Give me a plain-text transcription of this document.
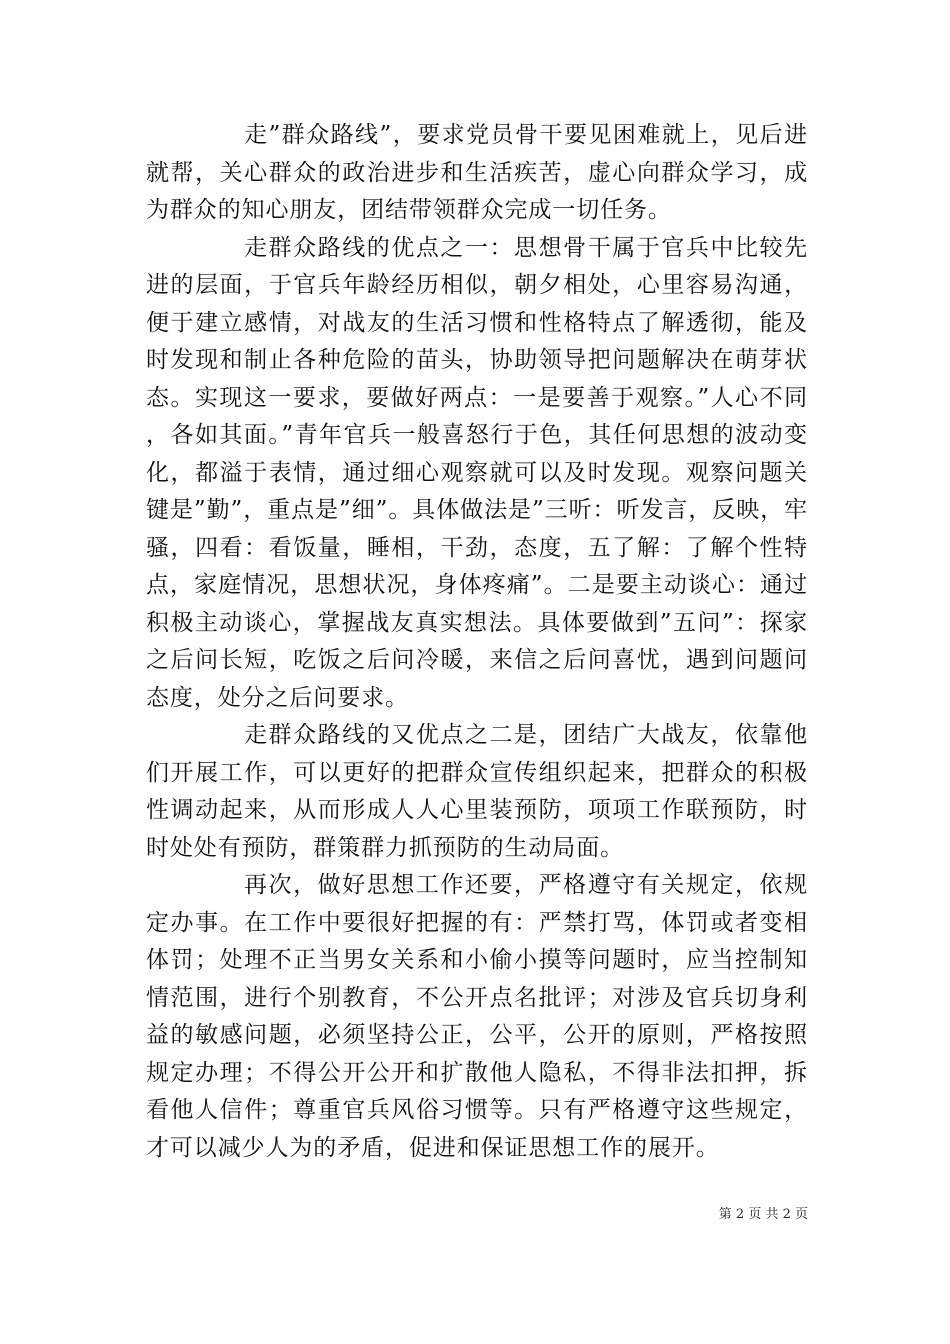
走”群众路线”，要求党员骨干要见困难就上，见后进就帮，关心群众的政治进步和生活疾苦，虚心向群众学习，成为群众的知心朋友，团结带领群众完成一切任务。

走群众路线的优点之一：思想骨干属于官兵中比较先进的层面，于官兵年龄经历相似，朝夕相处，心里容易沟通，便于建立感情，对战友的生活习惯和性格特点了解透彻，能及时发现和制止各种危险的苗头，协助领导把问题解决在萌芽状态。实现这一要求，要做好两点：一是要善于观察。”人心不同，各如其面。”青年官兵一般喜怒行于色，其任何思想的波动变化，都溢于表情，通过细心观察就可以及时发现。观察问题关键是”勤”，重点是”细”。具体做法是”三听：听发言，反映，牢骚，四看：看饭量，睡相，干劲，态度，五了解：了解个性特点，家庭情况，思想状况，身体疼痛”。二是要主动谈心：通过积极主动谈心，掌握战友真实想法。具体要做到”五问”：探家之后问长短，吃饭之后问冷暖，来信之后问喜忧，遇到问题问态度，处分之后问要求。

走群众路线的又优点之二是，团结广大战友，依靠他们开展工作，可以更好的把群众宣传组织起来，把群众的积极性调动起来，从而形成人人心里装预防，项项工作联预防，时时处处有预防，群策群力抓预防的生动局面。

再次，做好思想工作还要，严格遵守有关规定，依规定办事。在工作中要很好把握的有：严禁打骂，体罚或者变相体罚；处理不正当男女关系和小偷小摸等问题时，应当控制知情范围，进行个别教育，不公开点名批评；对涉及官兵切身利益的敏感问题，必须坚持公正，公平，公开的原则，严格按照规定办理；不得公开公开和扩散他人隐私，不得非法扣押，拆看他人信件；尊重官兵风俗习惯等。只有严格遵守这些规定，才可以减少人为的矛盾，促进和保证思想工作的展开。

第 2 页 共 2 页
